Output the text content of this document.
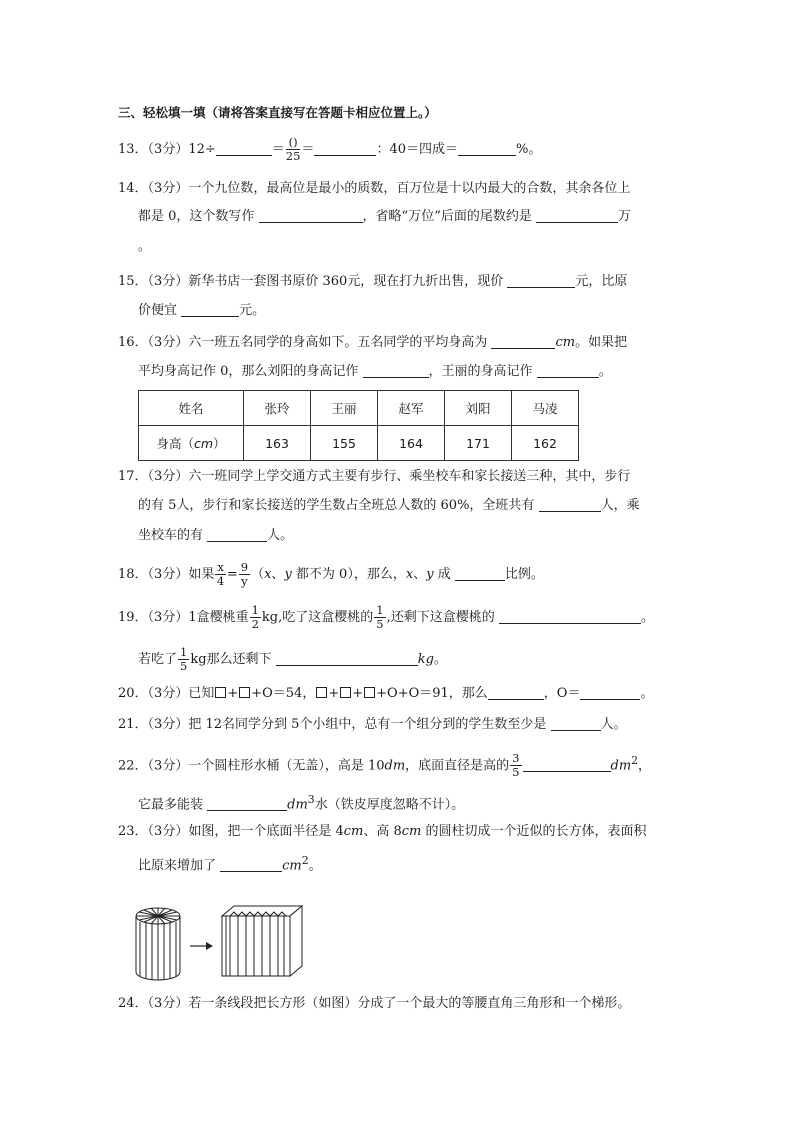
三、轻松填一填（请将答案直接写在答题卡相应位置上。）
13．（3分）12÷	＝ $\frac{()}{25}$ ＝	：40＝四成＝	%。
14．（3分）一个九位数，最高位是最小的质数，百万位是十以内最大的合数，其余各位上
都是 0，这个数写作	，省略“万位”后面的尾数约是	万
。
15．（3分）新华书店一套图书原价 360元，现在打九折出售，现价	元，比原
价便宜	元。
16．（3分）六一班五名同学的身高如下。五名同学的平均身高为	cm。如果把
平均身高记作 0，那么刘阳的身高记作	，王丽的身高记作	。
姓名	张玲	王丽	赵军	刘阳	马凌
身高（cm）	163	155	164	171	162
17．（3分）六一班同学上学交通方式主要有步行、乘坐校车和家长接送三种，其中，步行
的有 5人，步行和家长接送的学生数占全班总人数的 60%，全班共有	人，乘
坐校车的有	人。
18．（3分）如果 $\frac{x}{4} = \frac{9}{y} (x$、y 都不为 0），那么，x、y 成	比例。
19．（3分）1盒樱桃重 $\frac{1}{2}$ kg,吃了这盒樱桃的 $\frac{1}{5}$ ,还剩下这盒樱桃的	。
若吃了 $\frac{1}{5}$ kg那么还剩下	kg。
20．（3分）已知 + +O＝54， + + +O+O＝91，那么	，O＝	。
21．（3分）把 12名同学分到 5个小组中，总有一个组分到的学生数至少是	人。
22．（3分）一个圆柱形水桶（无盖），高是 10dm，底面直径是高的 $\frac{3}{5}$	$dm^2$，
它最多能装	$dm^3$水（铁皮厚度忽略不计）。
23．（3分）如图，把一个底面半径是 4cm、高 8cm 的圆柱切成一个近似的长方体，表面积
比原来增加了	$cm^2$。
24．（3分）若一条线段把长方形（如图）分成了一个最大的等腰直角三角形和一个梯形。
